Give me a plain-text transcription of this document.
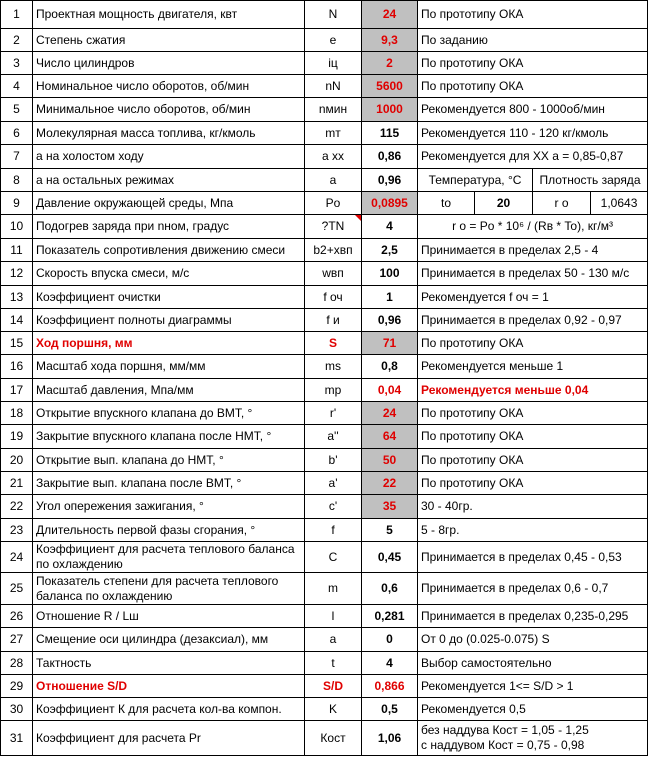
1	Проектная мощность двигателя, квт	N	24	По прототипу ОКА			
2	Степень сжатия	e	9,3	По заданию			
3	Число цилиндров	iц	2	По прототипу ОКА			
4	Номинальное число оборотов, об/мин	nN	5600	По прототипу ОКА			
5	Минимальное число оборотов, об/мин	nмин	1000	Рекомендуется 800 - 1000об/мин			
6	Молекулярная масса топлива, кг/кмоль	mт	115	Рекомендуется 110 - 120 кг/кмоль			
7	a на холостом ходу	a хх	0,86	Рекомендуется для ХХ a = 0,85-0,87			
8	a на остальных режимах	a	0,96	Температура, °С		Плотность заряда	
9	Давление окружающей среды, Мпа	Po	0,0895	to	20	r o	1,0643
10	Подогрев заряда при nном, градус	?TN	4	r o = Po * 10⁶ / (Rв * To), кг/м³			
11	Показатель сопротивления движению смеси	b2+xвп	2,5	Принимается в пределах 2,5 - 4			
12	Скорость впуска смеси, м/с	wвп	100	Принимается в пределах 50 - 130 м/с			
13	Коэффициент очистки	f оч	1	Рекомендуется f оч = 1			
14	Коэффициент полноты диаграммы	f и	0,96	Принимается в пределах 0,92 - 0,97			
15	Ход поршня, мм	S	71	По прототипу ОКА			
16	Масштаб хода поршня, мм/мм	ms	0,8	Рекомендуется меньше 1			
17	Масштаб давления, Мпа/мм	mp	0,04	Рекомендуется меньше 0,04			
18	Открытие впускного клапана до ВМТ, °	r'	24	По прототипу ОКА			
19	Закрытие впускного клапана после НМТ, °	a''	64	По прототипу ОКА			
20	Открытие вып. клапана до НМТ, °	b'	50	По прототипу ОКА			
21	Закрытие вып. клапана после ВМТ, °	a'	22	По прототипу ОКА			
22	Угол опережения зажигания, °	c'	35	30 - 40гр.			
23	Длительность первой фазы сгорания, °	f	5	5 - 8гр.			
24	Коэффициент для расчета теплового баланса по охлаждению	C	0,45	Принимается в пределах 0,45 - 0,53			
25	Показатель степени для расчета теплового баланса по охлаждению	m	0,6	Принимается в пределах 0,6 - 0,7			
26	Отношение R / Lш	l	0,281	Принимается в пределах 0,235-0,295			
27	Смещение оси цилиндра (дезаксиал), мм	a	0	От 0 до (0.025-0.075) S			
28	Тактность	t	4	Выбор самостоятельно			
29	Отношение S/D	S/D	0,866	Рекомендуется 1<= S/D > 1			
30	Коэффициент К для расчета кол-ва компон.	K	0,5	Рекомендуется 0,5			
31	Коэффициент для расчета Pr	Кост	1,06	без наддува Кост = 1,05 - 1,25
с наддувом Кост = 0,75 - 0,98			
